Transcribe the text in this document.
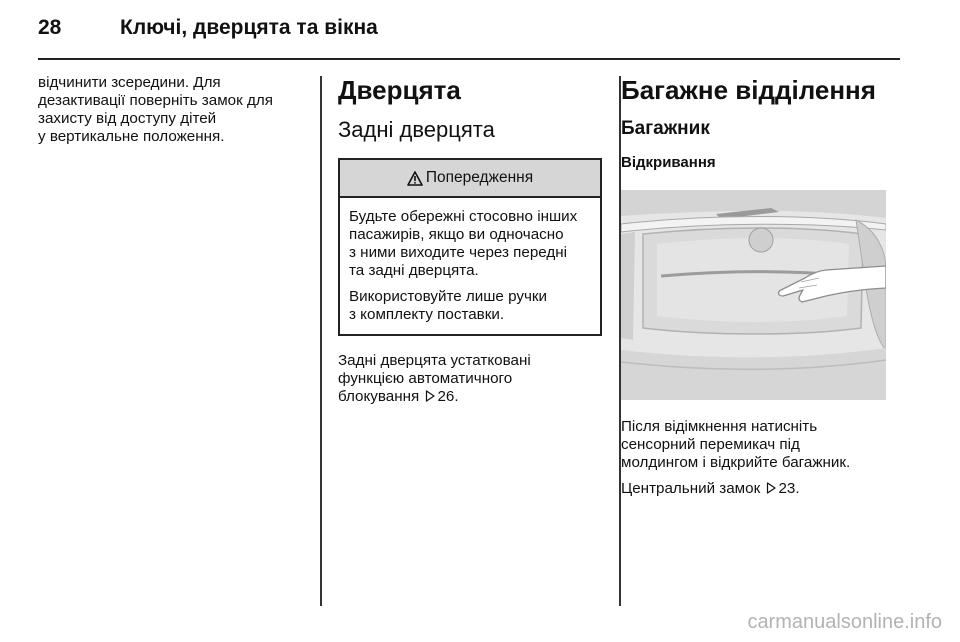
28	Ключі, дверцята та вікна

відчинити зсередини. Для
дезактивації поверніть замок для
захисту від доступу дітей
у вертикальне положення.

Дверцята
Задні дверцята
Попередження

Будьте обережні стосовно інших
пасажирів, якщо ви одночасно
з ними виходите через передні
та задні дверцята.

Використовуйте лише ручки
з комплекту поставки.

Задні дверцята устатковані
функцією автоматичного
блокування 26.

Багажне відділення
Багажник
Відкривання

Після відімкнення натисніть
сенсорний перемикач під
молдингом і відкрийте багажник.

Центральний замок 23.

carmanualsonline.info
